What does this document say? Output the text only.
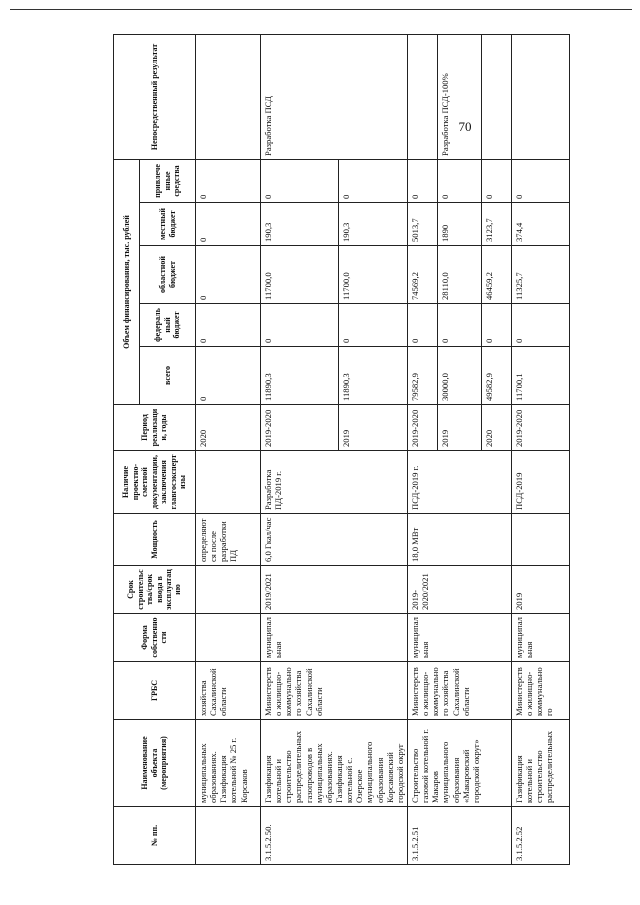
№ пп.	Наименование объекта (мероприятия)	ГРБС	Форма собственности	Срок строительства/срок ввода в эксплуатацию	Мощность	Наличие проектно-сметной документации, заключения главгосэкспертизы	Период реализации, годы	Объем финансирования, тыс. рублей					Непосредственный результат
								всего	федеральный бюджет	областной бюджет	местный бюджет	привлеченные средства	
	муниципальных образованиях. Газификация котельной № 25 г. Корсаков	хозяйства Сахалинской области			определяются после разработки ПД		2020	0	0	0	0	0	
3.1.5.2.50.	Газификация котельной и строительство распределительных газопроводов в муниципальных образованиях. Газификация котельной с. Озерское муниципального образования Корсаковский городской округ	Министерство жилищно-коммунального хозяйства Сахалинской области	муниципальная	2019/2021	6,0 Гкал/час	Разработка ПД-2019 г.	2019-2020	11890,3	0	11700,0	190,3	0	Разработка ПСД
							2019	11890,3	0	11700,0	190,3	0	
3.1.5.2.51	Строительство газовой котельной г. Макаров муниципального образования «Макаровский городской округ»	Министерство жилищно-коммунального хозяйства Сахалинской области	муниципальная	2019-2020/2021	18,0 МВт	ПСД-2019 г.	2019-2020	79582,9	0	74569,2	5013,7	0	
							2019	30000,0	0	28110,0	1890	0	Разработка ПСД-100%
							2020	49582,9	0	46459,2	3123,7	0	
3.1.5.2.52	Газификация котельной и строительство распределительных	Министерство жилищно-коммунального	муниципальная	2019		ПСД-2019	2019-2020	11700,1	0	11325,7	374,4	0	
70
